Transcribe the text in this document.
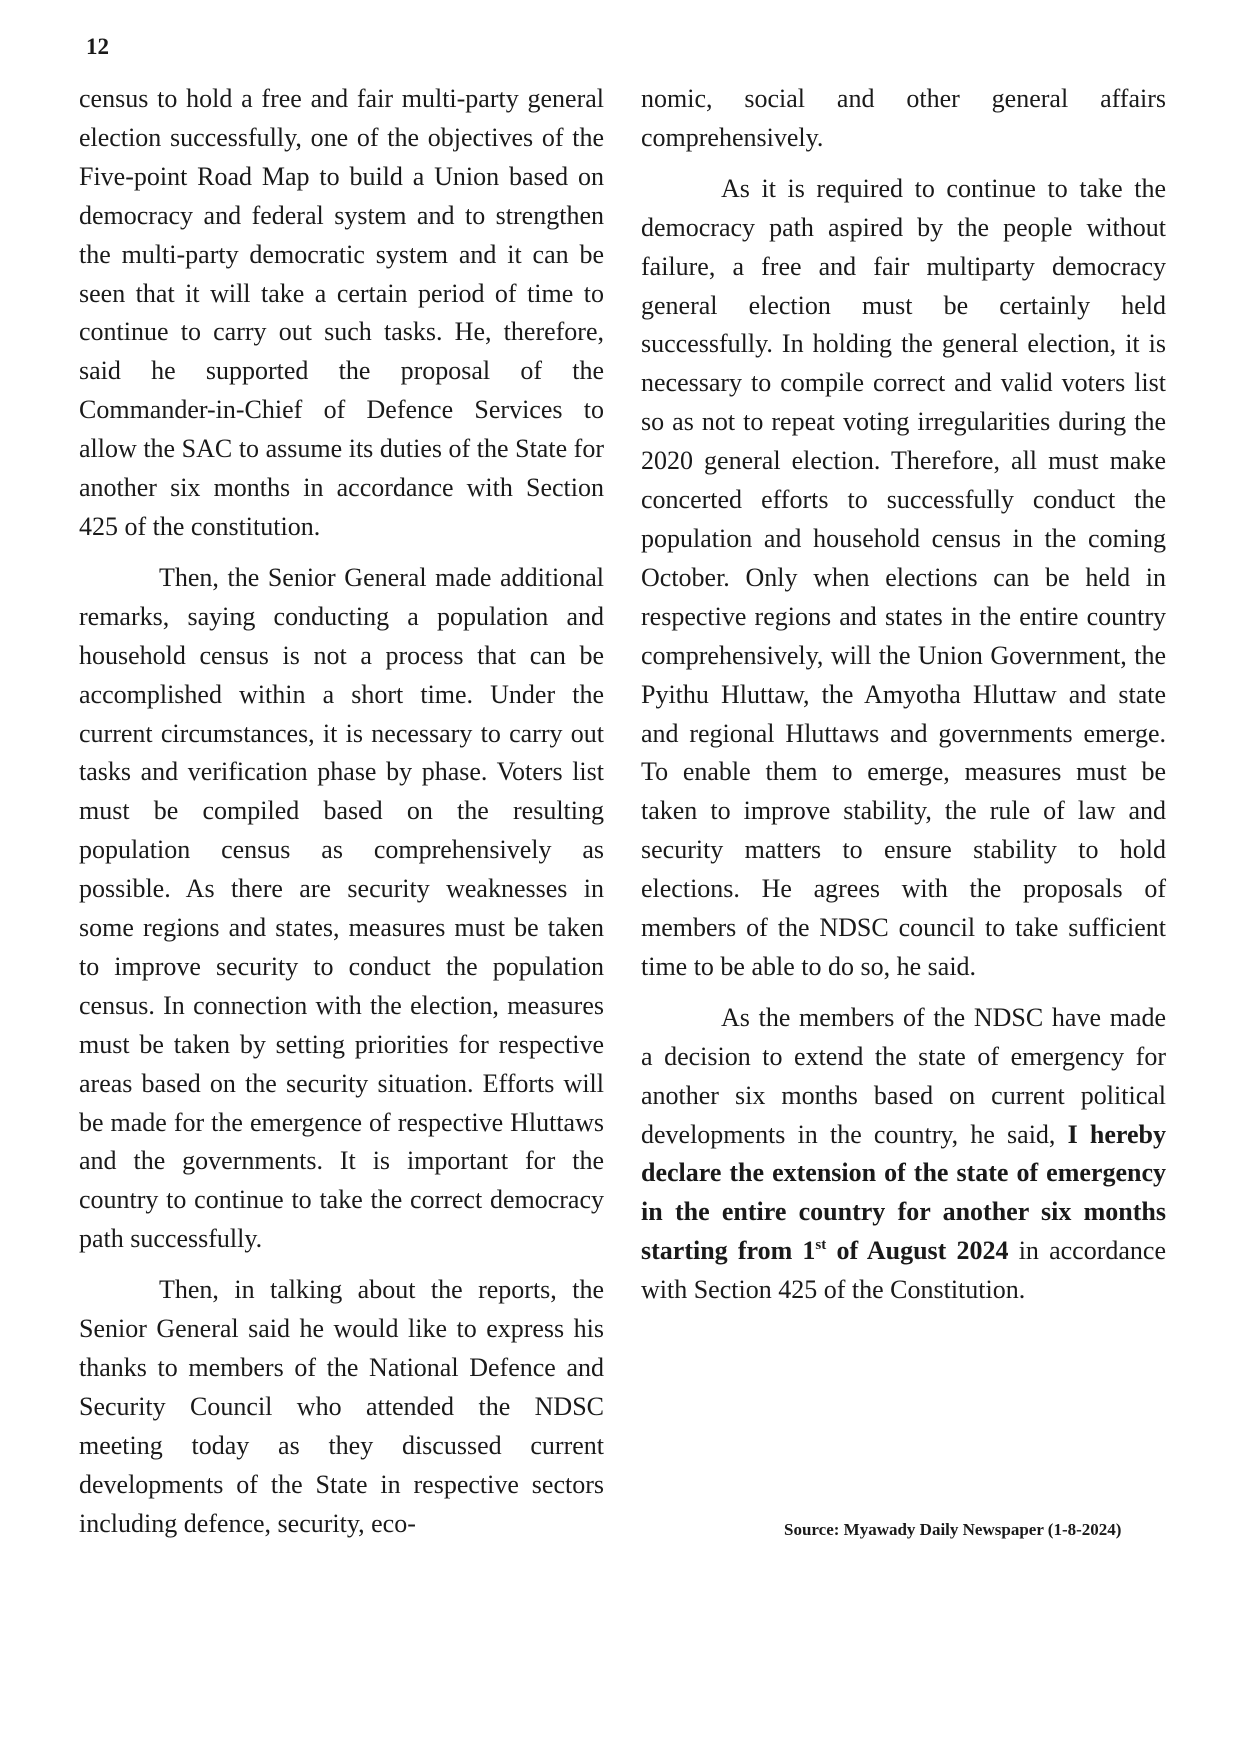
12

census to hold a free and fair multi-party general election successfully, one of the objectives of the Five-point Road Map to build a Union based on democracy and federal system and to strengthen the multi-party democratic system and it can be seen that it will take a certain period of time to continue to carry out such tasks. He, therefore, said he supported the proposal of the Commander-in-Chief of Defence Services to allow the SAC to assume its duties of the State for another six months in accordance with Section 425 of the constitution.

Then, the Senior General made additional remarks, saying conducting a population and household census is not a process that can be accomplished within a short time. Under the current circumstances, it is necessary to carry out tasks and verification phase by phase. Voters list must be compiled based on the resulting population census as comprehensively as possible. As there are security weaknesses in some regions and states, measures must be taken to improve security to conduct the population census. In connection with the election, measures must be taken by setting priorities for respective areas based on the security situation. Efforts will be made for the emergence of respective Hluttaws and the governments. It is important for the country to continue to take the correct democracy path successfully.

Then, in talking about the reports, the Senior General said he would like to express his thanks to members of the National Defence and Security Council who attended the NDSC meeting today as they discussed current developments of the State in respective sectors including defence, security, eco-

nomic, social and other general affairs comprehensively.

As it is required to continue to take the democracy path aspired by the people without failure, a free and fair multiparty democracy general election must be certainly held successfully. In holding the general election, it is necessary to compile correct and valid voters list so as not to repeat voting irregularities during the 2020 general election. Therefore, all must make concerted efforts to successfully conduct the population and household census in the coming October. Only when elections can be held in respective regions and states in the entire country comprehensively, will the Union Government, the Pyithu Hluttaw, the Amyotha Hluttaw and state and regional Hluttaws and governments emerge. To enable them to emerge, measures must be taken to improve stability, the rule of law and security matters to ensure stability to hold elections. He agrees with the proposals of members of the NDSC council to take sufficient time to be able to do so, he said.

As the members of the NDSC have made a decision to extend the state of emergency for another six months based on current political developments in the country, he said, I hereby declare the extension of the state of emergency in the entire country for another six months starting from 1st of August 2024 in accordance with Section 425 of the Constitution.

Source: Myawady Daily Newspaper (1-8-2024)
